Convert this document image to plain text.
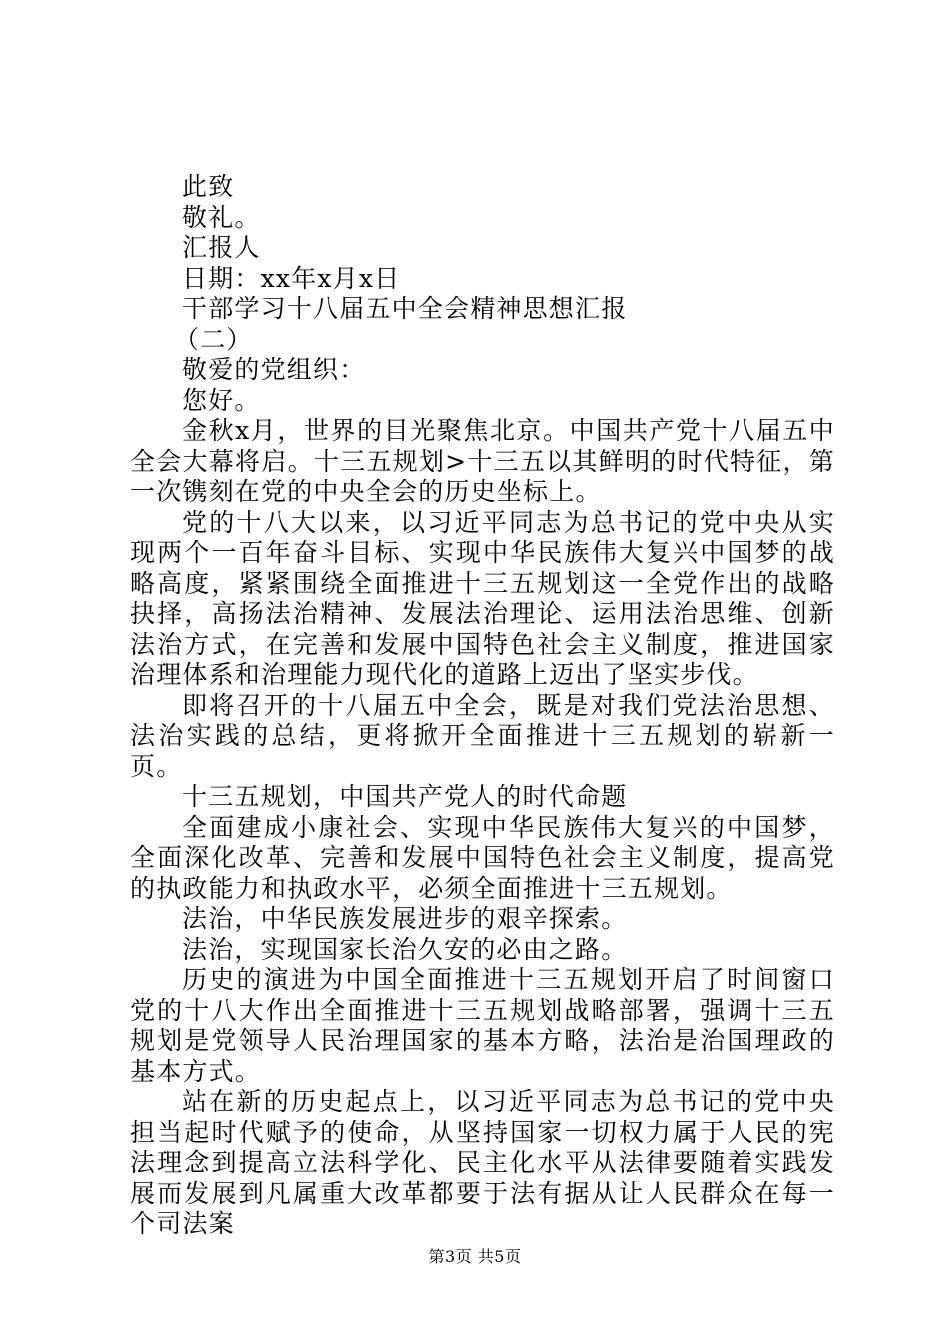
此致

敬礼。

汇报人

日期：xx年x月x日

干部学习十八届五中全会精神思想汇报

（二）

敬爱的党组织：

您好。

金秋x月，世界的目光聚焦北京。中国共产党十八届五中全会大幕将启。十三五规划>十三五以其鲜明的时代特征，第一次镌刻在党的中央全会的历史坐标上。

党的十八大以来，以习近平同志为总书记的党中央从实现两个一百年奋斗目标、实现中华民族伟大复兴中国梦的战略高度，紧紧围绕全面推进十三五规划这一全党作出的战略抉择，高扬法治精神、发展法治理论、运用法治思维、创新法治方式，在完善和发展中国特色社会主义制度，推进国家治理体系和治理能力现代化的道路上迈出了坚实步伐。

即将召开的十八届五中全会，既是对我们党法治思想、法治实践的总结，更将掀开全面推进十三五规划的崭新一页。

十三五规划，中国共产党人的时代命题

全面建成小康社会、实现中华民族伟大复兴的中国梦，全面深化改革、完善和发展中国特色社会主义制度，提高党的执政能力和执政水平，必须全面推进十三五规划。

法治，中华民族发展进步的艰辛探索。

法治，实现国家长治久安的必由之路。

历史的演进为中国全面推进十三五规划开启了时间窗口党的十八大作出全面推进十三五规划战略部署，强调十三五规划是党领导人民治理国家的基本方略，法治是治国理政的基本方式。

站在新的历史起点上，以习近平同志为总书记的党中央担当起时代赋予的使命，从坚持国家一切权力属于人民的宪法理念到提高立法科学化、民主化水平从法律要随着实践发展而发展到凡属重大改革都要于法有据从让人民群众在每一个司法案

第3页 共5页
